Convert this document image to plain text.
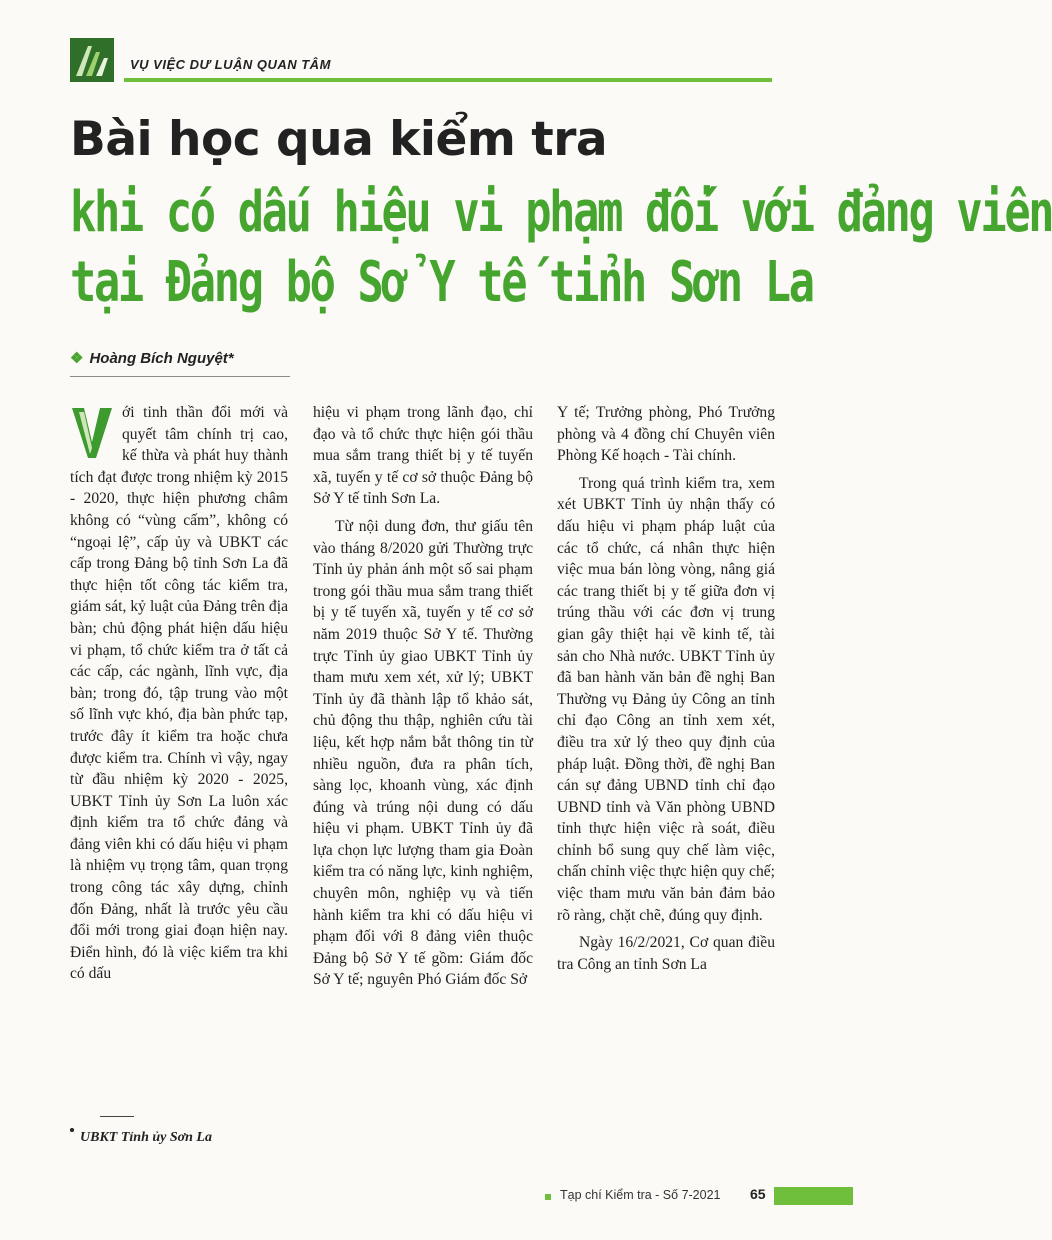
VỤ VIỆC DƯ LUẬN QUAN TÂM
Bài học qua kiểm tra
khi có dấu hiệu vi phạm đối với đảng viên
tại Đảng bộ Sở Y tế tỉnh Sơn La
❖ Hoàng Bích Nguyệt*

ới tinh thần đổi mới và quyết tâm chính trị cao, kế thừa và phát huy thành tích đạt được trong nhiệm kỳ 2015 - 2020, thực hiện phương châm không có “vùng cấm”, không có “ngoại lệ”, cấp ủy và UBKT các cấp trong Đảng bộ tỉnh Sơn La đã thực hiện tốt công tác kiểm tra, giám sát, kỷ luật của Đảng trên địa bàn; chủ động phát hiện dấu hiệu vi phạm, tổ chức kiểm tra ở tất cả các cấp, các ngành, lĩnh vực, địa bàn; trong đó, tập trung vào một số lĩnh vực khó, địa bàn phức tạp, trước đây ít kiểm tra hoặc chưa được kiểm tra. Chính vì vậy, ngay từ đầu nhiệm kỳ 2020 - 2025, UBKT Tỉnh ủy Sơn La luôn xác định kiểm tra tổ chức đảng và đảng viên khi có dấu hiệu vi phạm là nhiệm vụ trọng tâm, quan trọng trong công tác xây dựng, chỉnh đốn Đảng, nhất là trước yêu cầu đổi mới trong giai đoạn hiện nay. Điển hình, đó là việc kiểm tra khi có dấu

hiệu vi phạm trong lãnh đạo, chỉ đạo và tổ chức thực hiện gói thầu mua sắm trang thiết bị y tế tuyến xã, tuyến y tế cơ sở thuộc Đảng bộ Sở Y tế tỉnh Sơn La.

Từ nội dung đơn, thư giấu tên vào tháng 8/2020 gửi Thường trực Tỉnh ủy phản ánh một số sai phạm trong gói thầu mua sắm trang thiết bị y tế tuyến xã, tuyến y tế cơ sở năm 2019 thuộc Sở Y tế. Thường trực Tỉnh ủy giao UBKT Tỉnh ủy tham mưu xem xét, xử lý; UBKT Tỉnh ủy đã thành lập tổ khảo sát, chủ động thu thập, nghiên cứu tài liệu, kết hợp nắm bắt thông tin từ nhiều nguồn, đưa ra phân tích, sàng lọc, khoanh vùng, xác định đúng và trúng nội dung có dấu hiệu vi phạm. UBKT Tỉnh ủy đã lựa chọn lực lượng tham gia Đoàn kiểm tra có năng lực, kinh nghiệm, chuyên môn, nghiệp vụ và tiến hành kiểm tra khi có dấu hiệu vi phạm đối với 8 đảng viên thuộc Đảng bộ Sở Y tế gồm: Giám đốc Sở Y tế; nguyên Phó Giám đốc Sở

Y tế; Trưởng phòng, Phó Trưởng phòng và 4 đồng chí Chuyên viên Phòng Kế hoạch - Tài chính.

Trong quá trình kiểm tra, xem xét UBKT Tỉnh ủy nhận thấy có dấu hiệu vi phạm pháp luật của các tổ chức, cá nhân thực hiện việc mua bán lòng vòng, nâng giá các trang thiết bị y tế giữa đơn vị trúng thầu với các đơn vị trung gian gây thiệt hại về kinh tế, tài sản cho Nhà nước. UBKT Tỉnh ủy đã ban hành văn bản đề nghị Ban Thường vụ Đảng ủy Công an tỉnh chỉ đạo Công an tỉnh xem xét, điều tra xử lý theo quy định của pháp luật. Đồng thời, đề nghị Ban cán sự đảng UBND tỉnh chỉ đạo UBND tỉnh và Văn phòng UBND tỉnh thực hiện việc rà soát, điều chỉnh bổ sung quy chế làm việc, chấn chỉnh việc thực hiện quy chế; việc tham mưu văn bản đảm bảo rõ ràng, chặt chẽ, đúng quy định.

Ngày 16/2/2021, Cơ quan điều tra Công an tỉnh Sơn La

UBKT Tỉnh ủy Sơn La
Tạp chí Kiểm tra - Số 7-2021 65
